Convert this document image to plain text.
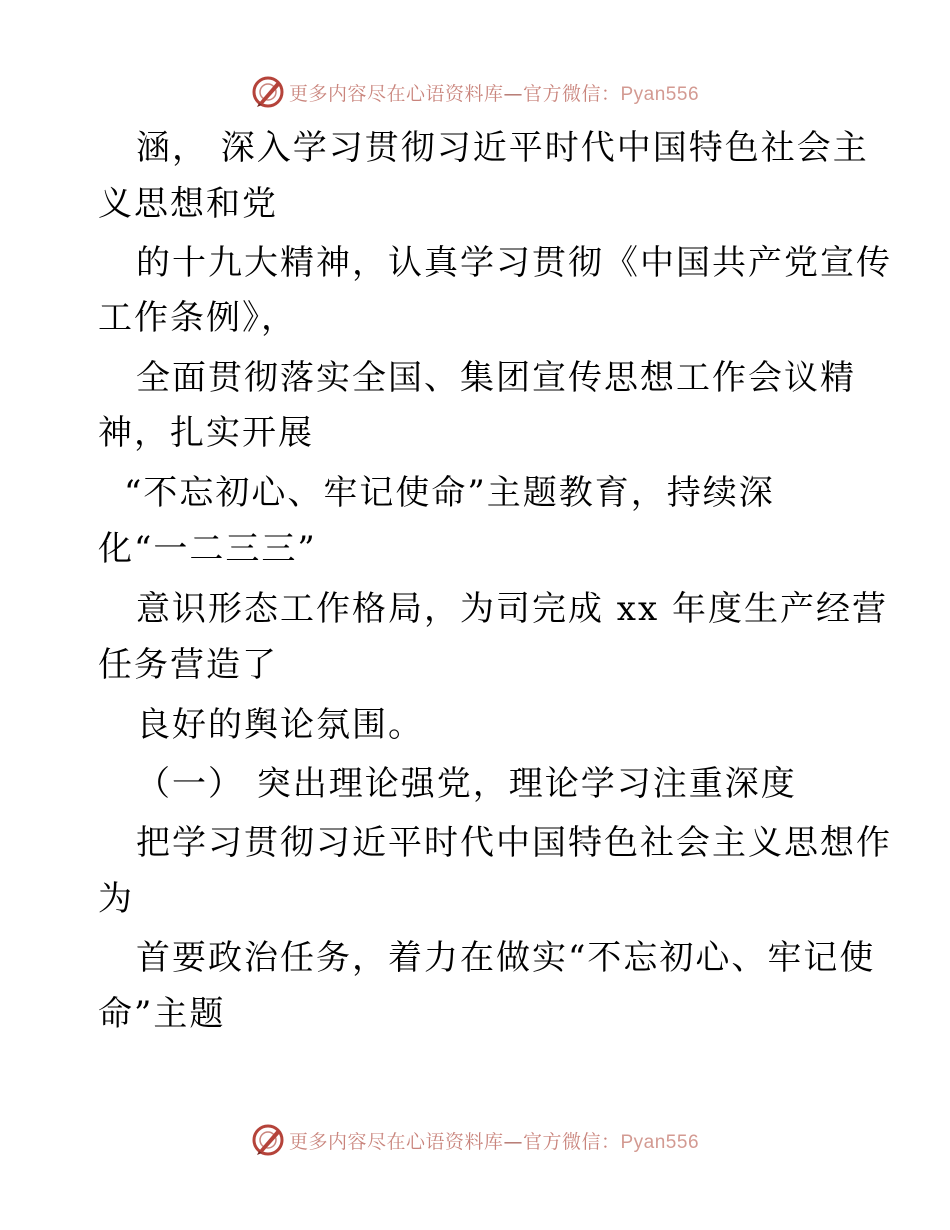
更多内容尽在心语资料库—官方微信：Pyan556
涵， 深入学习贯彻习近平时代中国特色社会主
义思想和党
的十九大精神，认真学习贯彻《中国共产党宣传
工作条例》，
全面贯彻落实全国、集团宣传思想工作会议精
神，扎实开展
“不忘初心、牢记使命”主题教育，持续深
化“一二三三”
意识形态工作格局，为司完成 xx 年度生产经营
任务营造了
良好的舆论氛围。
（一） 突出理论强党，理论学习注重深度
把学习贯彻习近平时代中国特色社会主义思想作
为
首要政治任务，着力在做实“不忘初心、牢记使
命”主题
更多内容尽在心语资料库—官方微信：Pyan556
